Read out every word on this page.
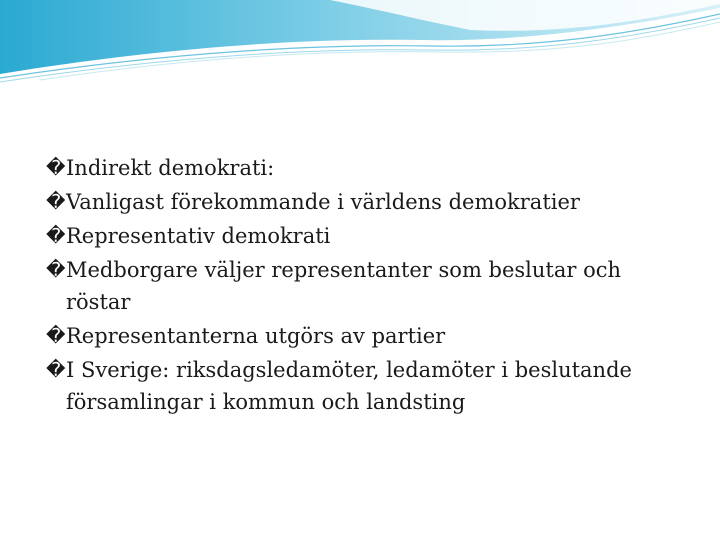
� Indirekt demokrati:
� Vanligast förekommande i världens demokratier
� Representativ demokrati
� Medborgare väljer representanter som beslutar och röstar
� Representanterna utgörs av partier
� I Sverige: riksdagsledamöter, ledamöter i beslutande församlingar i kommun och landsting
